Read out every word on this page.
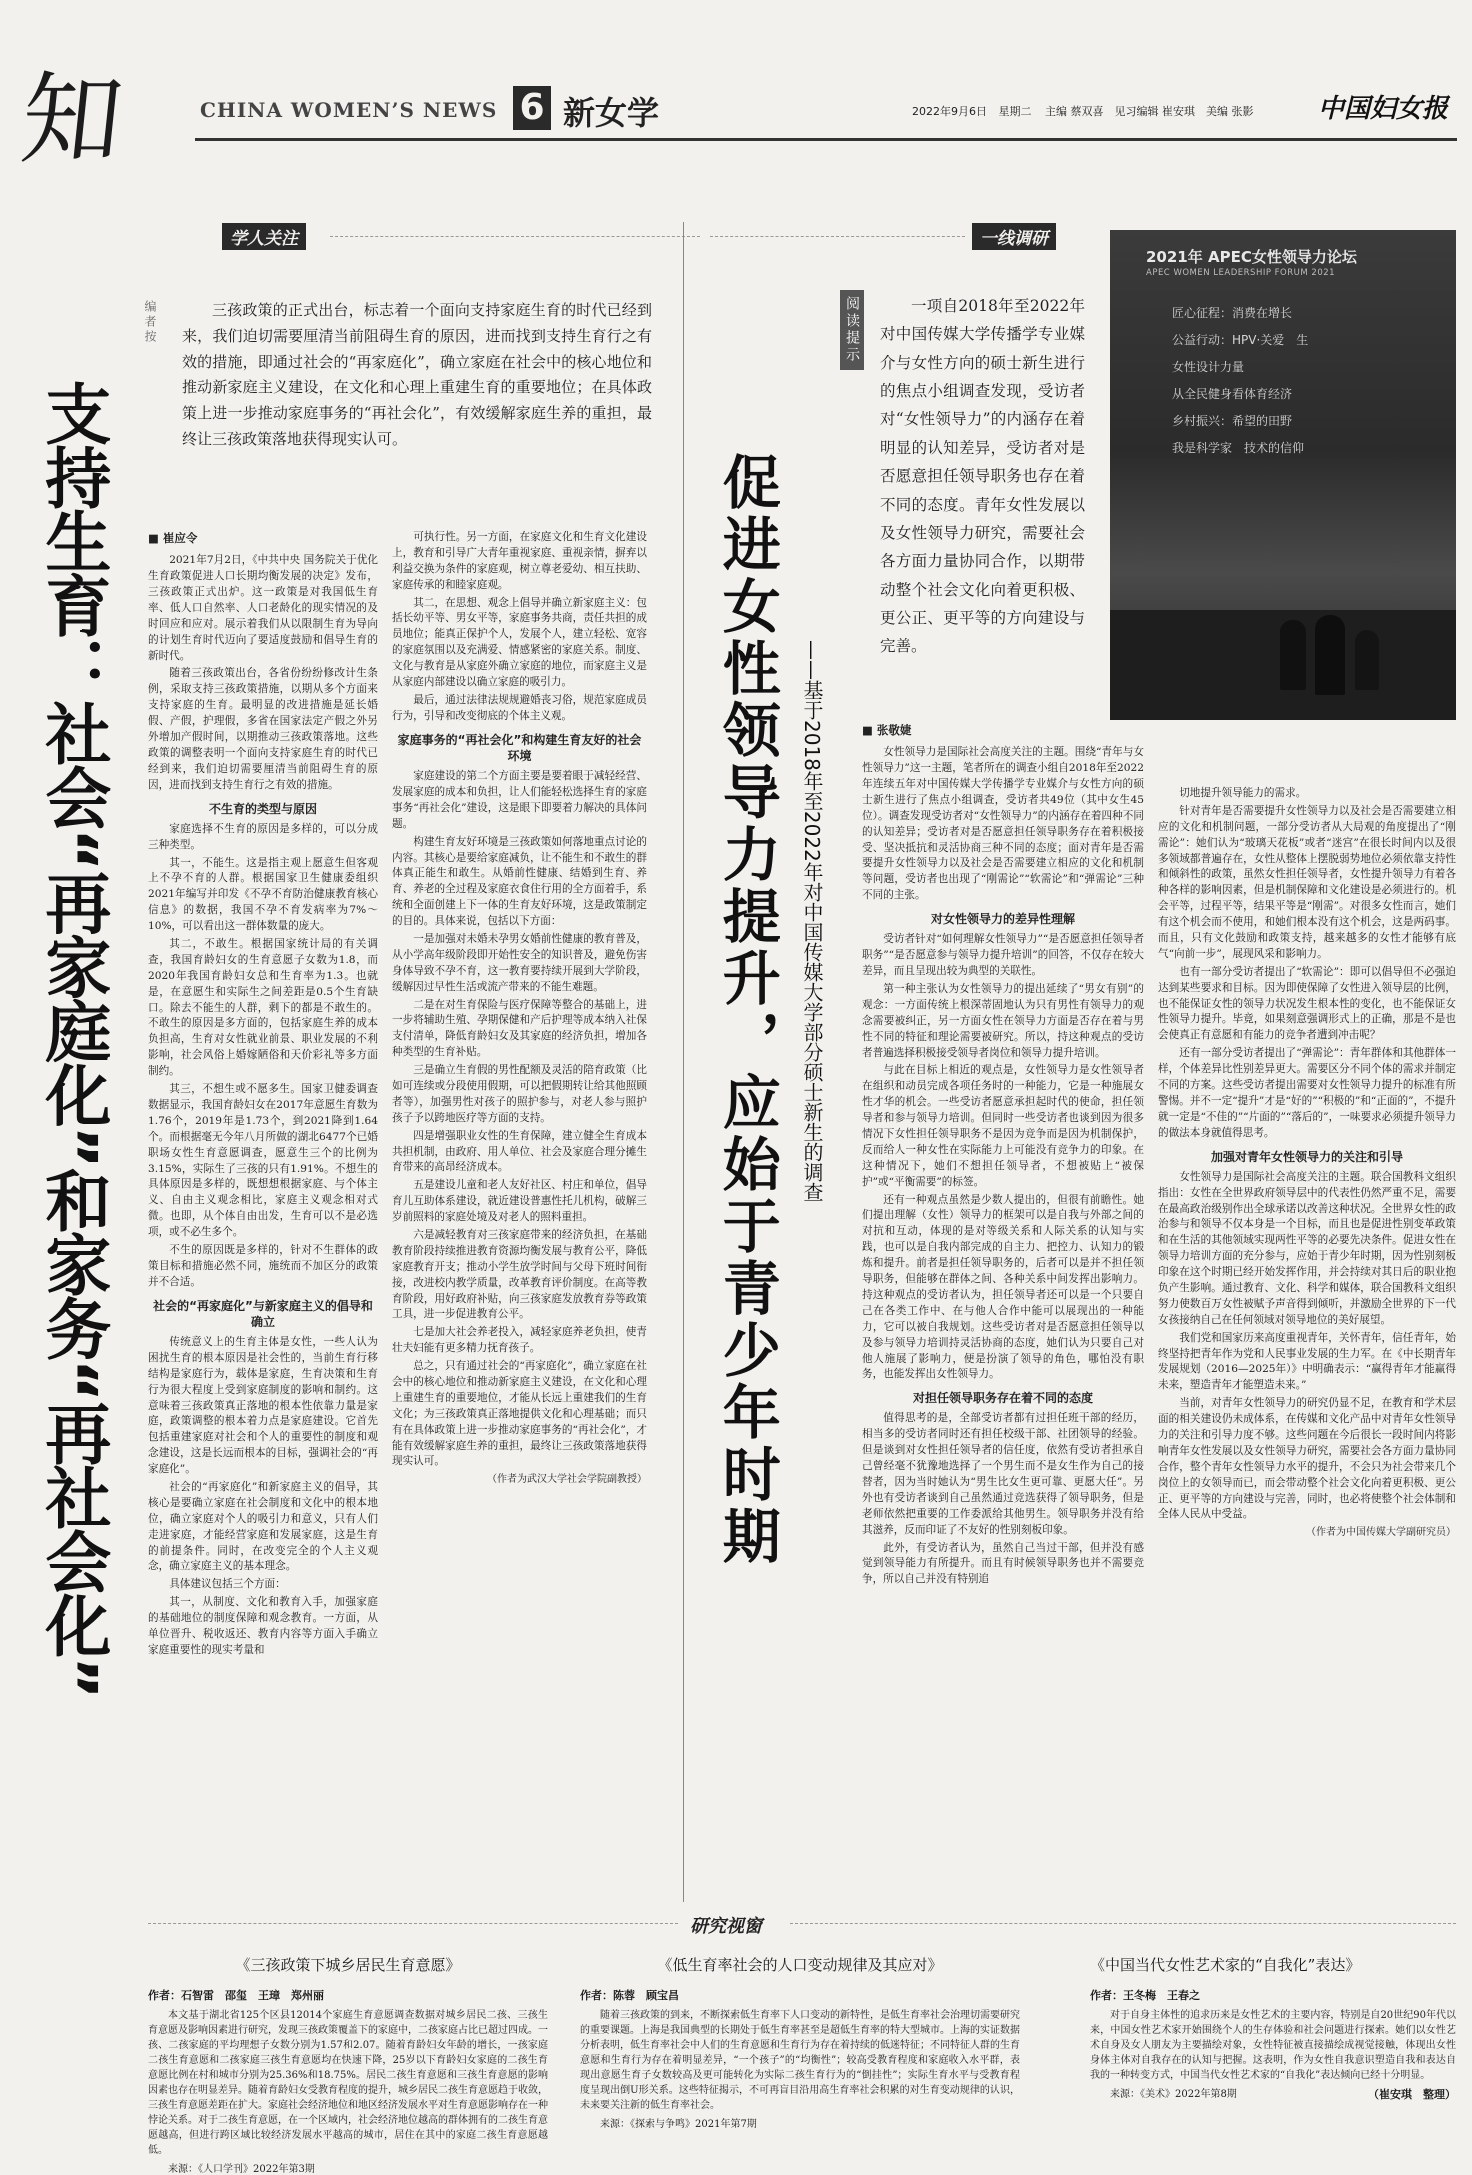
知	CHINA WOMEN’S NEWS 6 新女学	2022年9月6日 星期二 主编 蔡双喜　见习编辑 崔安琪　美编 张影 中国妇女报
学人关注
编者按	三孩政策的正式出台，标志着一个面向支持家庭生育的时代已经到来，我们迫切需要厘清当前阻碍生育的原因，进而找到支持生育行之有效的措施，即通过社会的“再家庭化”，确立家庭在社会中的核心地位和推动新家庭主义建设，在文化和心理上重建生育的重要地位；在具体政策上进一步推动家庭事务的“再社会化”，有效缓解家庭生养的重担，最终让三孩政策落地获得现实认可。
支持生育：社会“再家庭化”和家务“再社会化”	■ 崔应令

2021年7月2日，《中共中央 国务院关于优化生育政策促进人口长期均衡发展的决定》发布，三孩政策正式出炉。这一政策是对我国低生育率、低人口自然率、人口老龄化的现实情况的及时回应和应对。展示着我们从以限制生育为导向的计划生育时代迈向了要适度鼓励和倡导生育的新时代。

随着三孩政策出台，各省份纷纷修改计生条例，采取支持三孩政策措施，以期从多个方面来支持家庭的生育。最明显的改进措施是延长婚假、产假，护理假，多省在国家法定产假之外另外增加产假时间，以期推动三孩政策落地。这些政策的调整表明一个面向支持家庭生育的时代已经到来，我们迫切需要厘清当前阻碍生育的原因，进而找到支持生育行之有效的措施。

不生育的类型与原因

家庭选择不生育的原因是多样的，可以分成三种类型。

其一，不能生。这是指主观上愿意生但客观上不孕不育的人群。根据国家卫生健康委组织2021年编写并印发《不孕不育防治健康教育核心信息》的数据，我国不孕不育发病率为7%～10%，可以看出这一群体数量的庞大。

其二，不敢生。根据国家统计局的有关调查，我国育龄妇女的生育意愿子女数为1.8，而2020年我国育龄妇女总和生育率为1.3。也就是，在意愿生和实际生之间差距是0.5个生育缺口。除去不能生的人群，剩下的都是不敢生的。不敢生的原因是多方面的，包括家庭生养的成本负担高，生育对女性就业前景、职业发展的不利影响，社会风俗上婚嫁陋俗和天价彩礼等多方面制约。

其三，不想生或不愿多生。国家卫健委调查数据显示，我国育龄妇女在2017年意愿生育数为1.76个，2019年是1.73个，到2021降到1.64个。而根据毫无今年八月所做的湖北6477个已婚职场女性生育意愿调查，愿意生三个的比例为3.15%，实际生了三孩的只有1.91%。不想生的具体原因是多样的，既想想根据家庭、与个体主义、自由主义观念相比，家庭主义观念相对式微。也即，从个体自由出发，生育可以不是必选项，或不必生多个。

不生的原因既是多样的，针对不生群体的政策目标和措施必然不同，施统而不加区分的政策并不合适。

社会的“再家庭化”与新家庭主义的倡导和确立

传统意义上的生育主体是女性，一些人认为困扰生育的根本原因是社会性的，当前生育行移结构是家庭行为，载体是家庭，生育决策和生育行为很大程度上受到家庭制度的影响和制约。这意味着三孩政策真正落地的根本性依靠力量是家庭，政策调整的根本着力点是家庭建设。它首先包括重建家庭对社会和个人的重要性的制度和观念建设，这是长远而根本的目标，强调社会的“再家庭化”。

社会的“再家庭化”和新家庭主义的倡导，其核心是要确立家庭在社会制度和文化中的根本地位，确立家庭对个人的吸引力和意义，只有人们走进家庭，才能经营家庭和发展家庭，这是生育的前提条件。同时，在改变完全的个人主义观念，确立家庭主义的基本理念。

具体建议包括三个方面：

其一，从制度、文化和教育入手，加强家庭的基础地位的制度保障和观念教育。一方面，从单位晋升、税收返还、教育内容等方面入手确立家庭重要性的现实考量和

可执行性。另一方面，在家庭文化和生育文化建设上，教育和引导广大青年重视家庭、重视亲情，摒弃以利益交换为条件的家庭观，树立尊老爱幼、相互扶助、家庭传承的和睦家庭观。

其二，在思想、观念上倡导并确立新家庭主义：包括长幼平等、男女平等，家庭事务共商，责任共担的成员地位；能真正保护个人，发展个人，建立轻松、宽容的家庭氛围以及充满爱、情感紧密的家庭关系。制度、文化与教育是从家庭外确立家庭的地位，而家庭主义是从家庭内部建设以确立家庭的吸引力。

最后，通过法律法规规避婚丧习俗，规范家庭成员行为，引导和改变彻底的个体主义观。

家庭事务的“再社会化”和构建生育友好的社会环境

家庭建设的第二个方面主要是要着眼于减轻经营、发展家庭的成本和负担，让人们能轻松选择生育的家庭事务“再社会化”建设，这是眼下即要着力解决的具体问题。

构建生育友好环境是三孩政策如何落地重点讨论的内容。其核心是要给家庭减负，让不能生和不敢生的群体真正能生和敢生。从婚前性健康、结婚到生育、养育、养老的全过程及家庭衣食住行用的全方面着手，系统和全面创建上下一体的生育友好环境，这是政策制定的目的。具体来说，包括以下方面：

一是加强对未婚未孕男女婚前性健康的教育普及，从小学高年级阶段即开始性安全的知识普及，避免伤害身体导致不孕不育，这一教育要持续开展到大学阶段，缓解因过早性生活或流产带来的不能生难题。

二是在对生育保险与医疗保障等整合的基础上，进一步将辅助生殖、孕期保健和产后护理等成本纳入社保支付清单，降低育龄妇女及其家庭的经济负担，增加各种类型的生育补贴。

三是确立生育假的男性配额及灵活的陪育政策（比如可连续或分段使用假期，可以把假期转让给其他照顾者等），加强男性对孩子的照护参与，对老人参与照护孩子予以跨地医疗等方面的支持。

四是增强职业女性的生育保障，建立健全生育成本共担机制，由政府、用人单位、社会及家庭合理分摊生育带来的高昂经济成本。

五是建设儿童和老人友好社区、村庄和单位，倡导育儿互助体系建设，就近建设普惠性托儿机构，破解三岁前照料的家庭处境及对老人的照料重担。

六是减轻教育对三孩家庭带来的经济负担，在基础教育阶段持续推进教育资源均衡发展与教育公平，降低家庭教育开支；推动小学生放学时间与父母下班时间衔接，改进校内教学质量，改革教育评价制度。在高等教育阶段，用好政府补贴，向三孩家庭发放教育券等政策工具，进一步促进教育公平。

七是加大社会养老投入，减轻家庭养老负担，使青壮夫妇能有更多精力抚育孩子。

总之，只有通过社会的“再家庭化”，确立家庭在社会中的核心地位和推动新家庭主义建设，在文化和心理上重建生育的重要地位，才能从长远上重建我们的生育文化；为三孩政策真正落地提供文化和心理基础；而只有在具体政策上进一步推动家庭事务的“再社会化”，才能有效缓解家庭生养的重担，最终让三孩政策落地获得现实认可。

（作者为武汉大学社会学院副教授）

一线调研
阅读提示	一项自2018年至2022年对中国传媒大学传播学专业媒介与女性方向的硕士新生进行的焦点小组调查发现，受访者对“女性领导力”的内涵存在着明显的认知差异，受访者对是否愿意担任领导职务也存在着不同的态度。青年女性发展以及女性领导力研究，需要社会各方面力量协同合作，以期带动整个社会文化向着更积极、更公正、更平等的方向建设与完善。
促进女性领导力提升，应始于青少年时期 ——基于2018年至2022年对中国传媒大学部分硕士新生的调查
2021年 APEC女性领导力论坛
APEC WOMEN LEADERSHIP FORUM 2021
匠心征程：消费在增长
公益行动：HPV·关爱　生
女性设计力量
从全民健身看体育经济
乡村振兴：希望的田野
我是科学家　技术的信仰
■ 张敬婕

女性领导力是国际社会高度关注的主题。围绕“青年与女性领导力”这一主题，笔者所在的调查小组自2018年至2022年连续五年对中国传媒大学传播学专业媒介与女性方向的硕士新生进行了焦点小组调查，受访者共49位（其中女生45位）。调查发现受访者对“女性领导力”的内涵存在着四种不同的认知差异；受访者对是否愿意担任领导职务存在着积极接受、坚决抵抗和灵活协商三种不同的态度；面对青年是否需要提升女性领导力以及社会是否需要建立相应的文化和机制等问题，受访者也出现了“刚需论”“软需论”和“弹需论”三种不同的主张。

对女性领导力的差异性理解

受访者针对“如何理解女性领导力”“是否愿意担任领导者职务”“是否愿意参与领导力提升培训”的回答，不仅存在较大差异，而且呈现出较为典型的关联性。

第一种主张认为女性领导力的提出延续了“男女有别”的观念：一方面传统上根深蒂固地认为只有男性有领导力的观念需要被纠正，另一方面女性在领导力方面是否存在着与男性不同的特征和理论需要被研究。所以，持这种观点的受访者普遍选择积极接受领导者岗位和领导力提升培训。

与此在目标上相近的观点是，女性领导力是女性领导者在组织和动员完成各项任务时的一种能力，它是一种施展女性才华的机会。一些受访者愿意承担起时代的使命，担任领导者和参与领导力培训。但同时一些受访者也谈到因为很多情况下女性担任领导职务不是因为竞争而是因为机制保护，反而给人一种女性在实际能力上可能没有竞争力的印象。在这种情况下，她们不想担任领导者，不想被贴上“被保护”或“平衡需要”的标签。

还有一种观点虽然是少数人提出的，但很有前瞻性。她们提出理解（女性）领导力的框架可以是自我与外部之间的对抗和互动，体现的是对等级关系和人际关系的认知与实践，也可以是自我内部完成的自主力、把控力、认知力的锻炼和提升。前者是担任领导职务的，后者可以是并不担任领导职务，但能够在群体之间、各种关系中间发挥出影响力。持这种观点的受访者认为，担任领导者还可以是一个只要自己在各类工作中、在与他人合作中能可以展现出的一种能力，它可以被自我规划。这些受访者对是否愿意担任领导以及参与领导力培训持灵活协商的态度，她们认为只要自己对他人施展了影响力，便是扮演了领导的角色，哪怕没有职务，也能发挥出女性领导力。

对担任领导职务存在着不同的态度

值得思考的是，全部受访者都有过担任班干部的经历，相当多的受访者同时还有担任校级干部、社团领导的经验。但是谈到对女性担任领导者的信任度，依然有受访者担承自己曾经毫不犹豫地选择了一个男生而不是女生作为自己的接替者，因为当时她认为“男生比女生更可靠、更愿大任”。另外也有受访者谈到自己虽然通过竞选获得了领导职务，但是老师依然把重要的工作委派给其他男生。领导职务并没有给其滋养，反而印证了不友好的性别刻板印象。

此外，有受访者认为，虽然自己当过干部，但并没有感觉到领导能力有所提升。而且有时候领导职务也并不需要竞争，所以自己并没有特别追

切地提升领导能力的需求。

针对青年是否需要提升女性领导力以及社会是否需要建立相应的文化和机制问题，一部分受访者从大局观的角度提出了“刚需论”：她们认为“玻璃天花板”或者“迷宫”在很长时间内以及很多领域都普遍存在，女性从整体上摆脱弱势地位必须依靠支持性和倾斜性的政策，虽然女性担任领导者，女性提升领导力有着各种各样的影响因素，但是机制保障和文化建设是必须进行的。机会平等，过程平等，结果平等是“刚需”。对很多女性而言，她们有这个机会而不使用，和她们根本没有这个机会，这是两码事。而且，只有文化鼓励和政策支持，越来越多的女性才能够有底气“向前一步”，展现风采和影响力。

也有一部分受访者提出了“软需论”：即可以倡导但不必强迫达到某些要求和目标。因为即使保障了女性进入领导层的比例，也不能保证女性的领导力状况发生根本性的变化，也不能保证女性领导力提升。毕竟，如果刻意强调形式上的正确，那是不是也会使真正有意愿和有能力的竞争者遭到冲击呢？

还有一部分受访者提出了“弹需论”：青年群体和其他群体一样，个体差异比性别差异更大。需要区分不同个体的需求并制定不同的方案。这些受访者提出需要对女性领导力提升的标准有所警惕。并不一定“提升”才是“好的”“积极的”和“正面的”，不提升就一定是“不佳的”“片面的”“落后的”，一味要求必须提升领导力的做法本身就值得思考。

加强对青年女性领导力的关注和引导

女性领导力是国际社会高度关注的主题。联合国教科文组织指出：女性在全世界政府领导层中的代表性仍然严重不足，需要在最高政治级别作出全球承诺以改善这种状况。全世界女性的政治参与和领导不仅本身是一个目标，而且也是促进性别变革政策和在生活的其他领域实现两性平等的必要先决条件。促进女性在领导力培训方面的充分参与，应始于青少年时期，因为性别刻板印象在这个时期已经开始发挥作用，并会持续对其日后的职业抱负产生影响。通过教育、文化、科学和媒体，联合国教科文组织努力使数百万女性被赋予声音得到倾听，并激励全世界的下一代女孩接纳自己在任何领域对领导地位的美好展望。

我们党和国家历来高度重视青年，关怀青年，信任青年，始终坚持把青年作为党和人民事业发展的生力军。在《中长期青年发展规划（2016—2025年）》中明确表示：“赢得青年才能赢得未来，塑造青年才能塑造未来。”

当前，对青年女性领导力的研究仍显不足，在教育和学术层面的相关建设仍未成体系，在传媒和文化产品中对青年女性领导力的关注和引导力度不够。这些问题在今后很长一段时间内将影响青年女性发展以及女性领导力研究，需要社会各方面力量协同合作，整个青年女性领导力水平的提升，不会只为社会带来几个岗位上的女领导而已，而会带动整个社会文化向着更积极、更公正、更平等的方向建设与完善，同时，也必将使整个社会体制和全体人民从中受益。

（作者为中国传媒大学副研究员）

研究视窗
《三孩政策下城乡居民生育意愿》
作者：石智雷　邵玺　王璋　郑州丽
本文基于湖北省125个区县12014个家庭生育意愿调查数据对城乡居民二孩、三孩生育意愿及影响因素进行研究，发现三孩政策覆盖下的家庭中，二孩家庭占比已超过四成。一孩、二孩家庭的平均理想子女数分别为1.57和2.07。随着育龄妇女年龄的增长，一孩家庭二孩生育意愿和二孩家庭三孩生育意愿均在快速下降，25岁以下育龄妇女家庭的二孩生育意愿比例在村和城市分别为25.36%和18.75%。居民二孩生育意愿和三孩生育意愿的影响因素也存在明显差异。随着育龄妇女受教育程度的提升，城乡居民二孩生育意愿趋于收敛，三孩生育意愿差距在扩大。家庭社会经济地位和地区经济发展水平对生育意愿影响存在一种悖论关系。对于二孩生育意愿，在一个区域内，社会经济地位越高的群体拥有的二孩生育意愿越高，但进行跨区域比较经济发展水平越高的城市，居住在其中的家庭二孩生育意愿越低。
来源：《人口学刊》2022年第3期
《低生育率社会的人口变动规律及其应对》
作者：陈蓉　顾宝昌
随着三孩政策的到来，不断探索低生育率下人口变动的新特性，是低生育率社会治理切需要研究的重要课题。上海是我国典型的长期处于低生育率甚至是超低生育率的特大型城市。上海的实证数据分析表明，低生育率社会中人们的生育意愿和生育行为存在着持续的低迷特征；不同特征人群的生育意愿和生育行为存在着明显差异，“一个孩子”的“均衡性”；较高受教育程度和家庭收入水平群，表现出意愿生育子女数较高及更可能转化为实际二孩生育行为的“倒挂性”；实际生育水平与受教育程度呈现出倒U形关系。这些特征揭示，不可再盲目沿用高生育率社会积累的对生育变动规律的认识，未来要关注新的低生育率社会。
来源：《探索与争鸣》2021年第7期
《中国当代女性艺术家的“自我化”表达》
作者：王冬梅　王春之
对于自身主体性的追求历来是女性艺术的主要内容，特别是自20世纪90年代以来，中国女性艺术家开始围绕个人的生存体验和社会问题进行探索。她们以女性艺术自身及女人朋友为主要描绘对象，女性特征被直接描绘成视觉接触，体现出女性身体主体对自我存在的认知与把握。这表明，作为女性自我意识塑造自我和表达自我的一种转变方式，中国当代女性艺术家的“自我化”表达倾向已经十分明显。
来源：《美术》2022年第8期	（崔安琪　整理）
